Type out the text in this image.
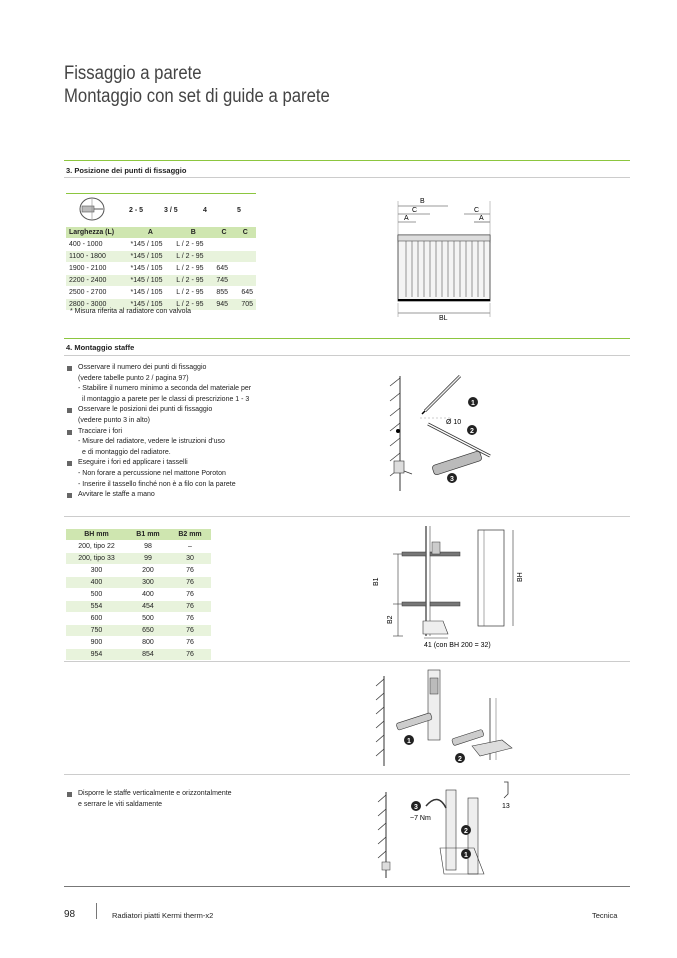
Fissaggio a parete
Montaggio con set di guide a parete
3. Posizione dei punti di fissaggio
2 - 5	3 / 5	4	5
Larghezza (L)	A	B	C	C
400 - 1000	*145 / 105	L / 2 - 95		
1100 - 1800	*145 / 105	L / 2 - 95		
1900 - 2100	*145 / 105	L / 2 - 95	645	
2200 - 2400	*145 / 105	L / 2 - 95	745	
2500 - 2700	*145 / 105	L / 2 - 95	855	645
2800 - 3000	*145 / 105	L / 2 - 95	945	705
* Misura riferita al radiatore con valvola
B
C	C
A	A
BL
4. Montaggio staffe
Osservare il numero dei punti di fissaggio
(vedere tabelle punto 2 / pagina 97)
- Stabilire il numero minimo a seconda del materiale per
il montaggio a parete per le classi di prescrizione 1 - 3
Osservare le posizioni dei punti di fissaggio
(vedere punto 3 in alto)
Tracciare i fori
- Misure del radiatore, vedere le istruzioni d'uso
e di montaggio del radiatore.
Eseguire i fori ed applicare i tasselli
- Non forare a percussione nel mattone Poroton
- Inserire il tassello finché non è a filo con la parete
Avvitare le staffe a mano
1
2
3
Ø 10
BH mm	B1 mm	B2 mm
200, tipo 22	98	–
200, tipo 33	99	30
300	200	76
400	300	76
500	400	76
554	454	76
600	500	76
750	650	76
900	800	76
954	854	76
B1
B2
41 (con BH 200 = 32)
BH
1
2
Disporre le staffe verticalmente e orizzontalmente
e serrare le viti saldamente	3
~7 Nm
2
1
13
98	Radiatori piatti Kermi therm-x2	Tecnica
